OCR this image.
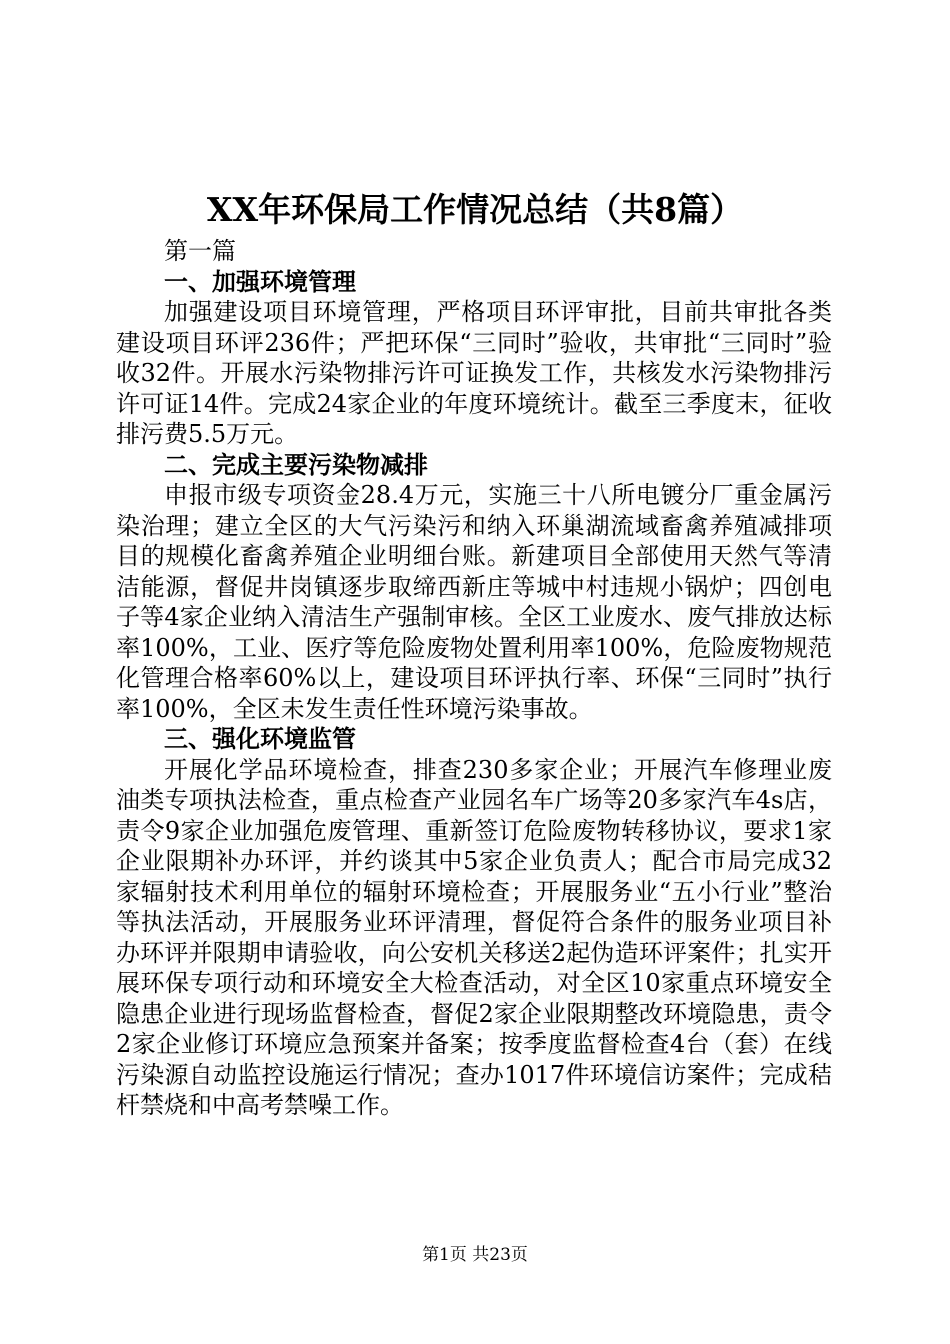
XX年环保局工作情况总结（共8篇）

第一篇

一、加强环境管理

加强建设项目环境管理，严格项目环评审批，目前共审批各类建设项目环评236件；严把环保“三同时”验收，共审批“三同时”验收32件。开展水污染物排污许可证换发工作，共核发水污染物排污许可证14件。完成24家企业的年度环境统计。截至三季度末，征收排污费5.5万元。

二、完成主要污染物减排

申报市级专项资金28.4万元，实施三十八所电镀分厂重金属污染治理；建立全区的大气污染污和纳入环巢湖流域畜禽养殖减排项目的规模化畜禽养殖企业明细台账。新建项目全部使用天然气等清洁能源，督促井岗镇逐步取缔西新庄等城中村违规小锅炉；四创电子等4家企业纳入清洁生产强制审核。全区工业废水、废气排放达标率100%，工业、医疗等危险废物处置利用率100%，危险废物规范化管理合格率60%以上，建设项目环评执行率、环保“三同时”执行率100%，全区未发生责任性环境污染事故。

三、强化环境监管

开展化学品环境检查，排查230多家企业；开展汽车修理业废油类专项执法检查，重点检查产业园名车广场等20多家汽车4s店，责令9家企业加强危废管理、重新签订危险废物转移协议，要求1家企业限期补办环评，并约谈其中5家企业负责人；配合市局完成32家辐射技术利用单位的辐射环境检查；开展服务业“五小行业”整治等执法活动，开展服务业环评清理，督促符合条件的服务业项目补办环评并限期申请验收，向公安机关移送2起伪造环评案件；扎实开展环保专项行动和环境安全大检查活动，对全区10家重点环境安全隐患企业进行现场监督检查，督促2家企业限期整改环境隐患，责令2家企业修订环境应急预案并备案；按季度监督检查4台（套）在线污染源自动监控设施运行情况；查办1017件环境信访案件；完成秸杆禁烧和中高考禁噪工作。

第1页 共23页
